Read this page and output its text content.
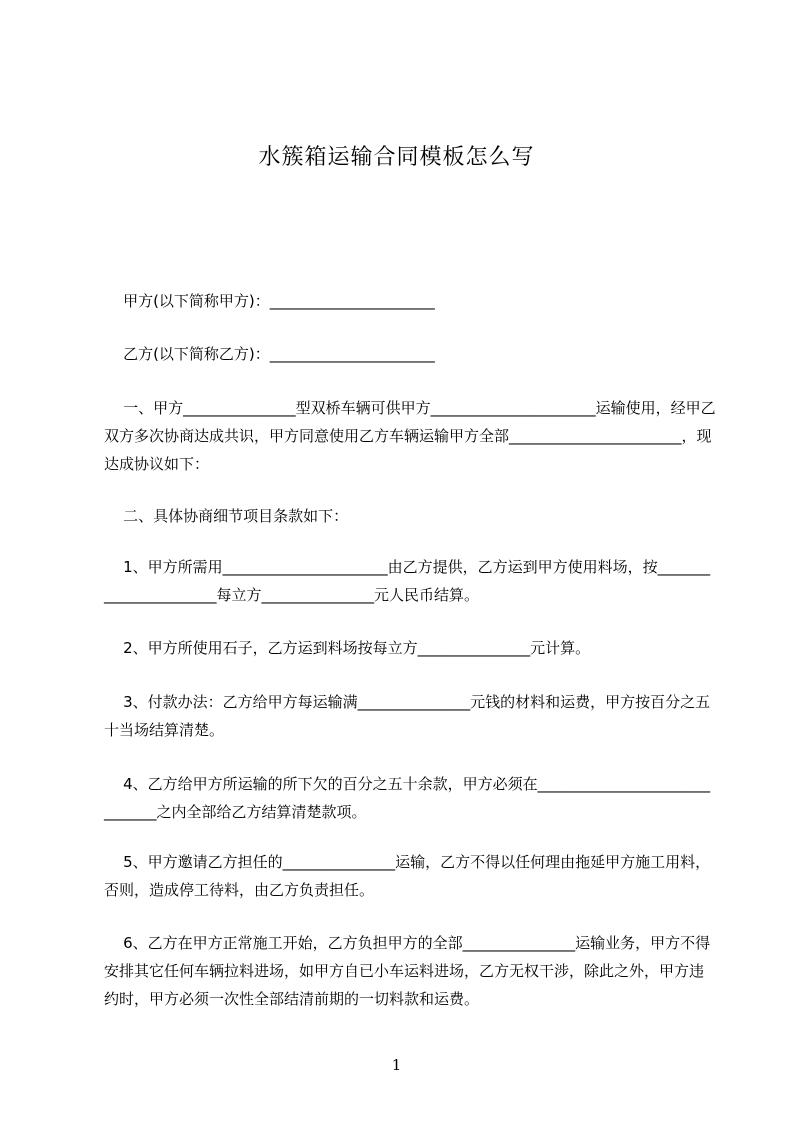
水簇箱运输合同模板怎么写
甲方(以下简称甲方)：______________________
乙方(以下简称乙方)：______________________
一、甲方_______________型双桥车辆可供甲方______________________运输使用，经甲乙双方多次协商达成共识，甲方同意使用乙方车辆运输甲方全部_______________________，现达成协议如下：
二、具体协商细节项目条款如下：
1、甲方所需用______________________由乙方提供，乙方运到甲方使用料场，按______________________每立方_______________元人民币结算。
2、甲方所使用石子，乙方运到料场按每立方_______________元计算。
3、付款办法：乙方给甲方每运输满_______________元钱的材料和运费，甲方按百分之五十当场结算清楚。
4、乙方给甲方所运输的所下欠的百分之五十余款，甲方必须在______________________________之内全部给乙方结算清楚款项。
5、甲方邀请乙方担任的_______________运输，乙方不得以任何理由拖延甲方施工用料，否则，造成停工待料，由乙方负责担任。
6、乙方在甲方正常施工开始，乙方负担甲方的全部_______________运输业务，甲方不得安排其它任何车辆拉料进场，如甲方自已小车运料进场，乙方无权干涉，除此之外，甲方违约时，甲方必须一次性全部结清前期的一切料款和运费。
1
